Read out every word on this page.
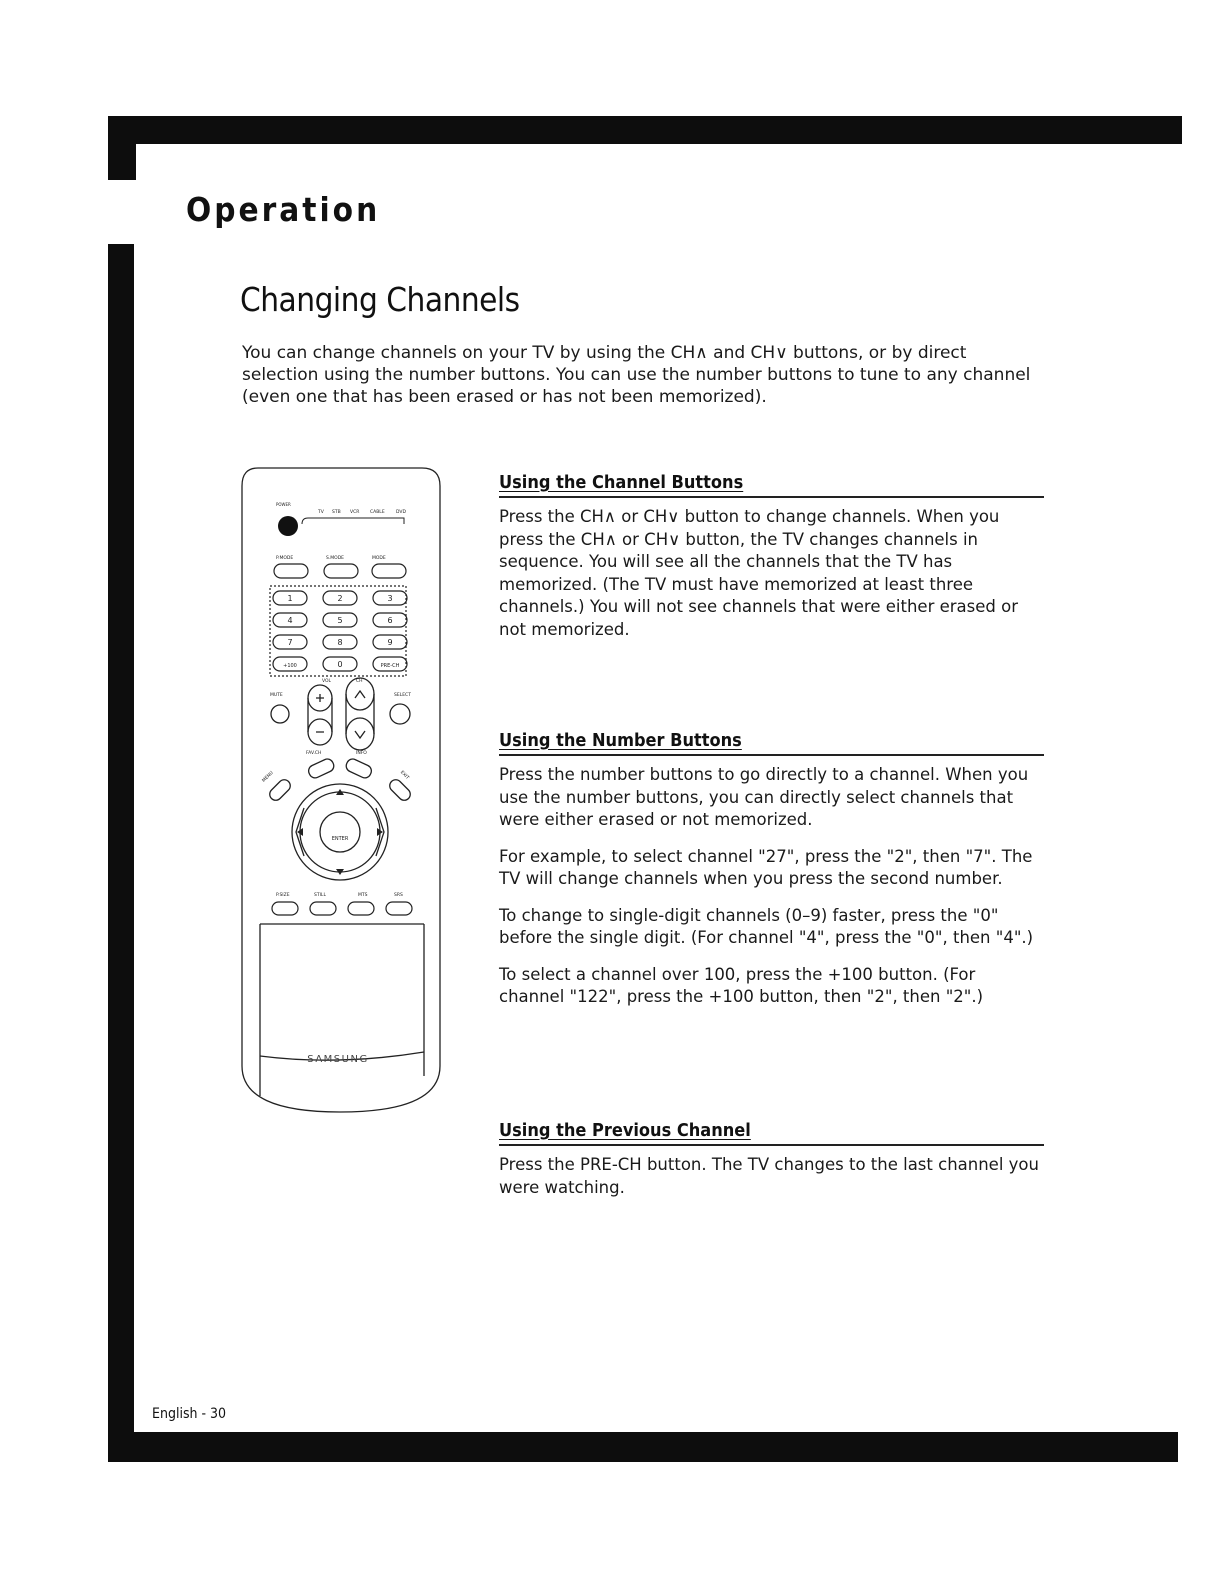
Operation
Changing Channels

You can change channels on your TV by using the CH∧ and CH∨ buttons, or by direct selection using the number buttons. You can use the number buttons to tune to any channel (even one that has been erased or has not been memorized).

POWER
TV STB VCR CABLE	DVD
P.MODE	S.MODE	MODE
1	2	3
4	5	6
7	8	9
+100	0	PRE-CH
VOL	CH
MUTE	SELECT
FAV.CH	INFO
MENU	EXIT
ENTER
P.SIZE	STILL	MTS	SRS
SAMSUNG
Using the Channel Buttons

Press the CH∧ or CH∨ button to change channels. When you press the CH∧ or CH∨ button, the TV changes channels in sequence. You will see all the channels that the TV has memorized. (The TV must have memorized at least three channels.) You will not see channels that were either erased or not memorized.

Using the Number Buttons

Press the number buttons to go directly to a channel. When you use the number buttons, you can directly select channels that were either erased or not memorized.

For example, to select channel "27", press the "2", then "7". The TV will change channels when you press the second number.

To change to single-digit channels (0–9) faster, press the "0" before the single digit. (For channel "4", press the "0", then "4".)

To select a channel over 100, press the +100 button. (For channel "122", press the +100 button, then "2", then "2".)

Using the Previous Channel

Press the PRE-CH button. The TV changes to the last channel you were watching.

English - 30
